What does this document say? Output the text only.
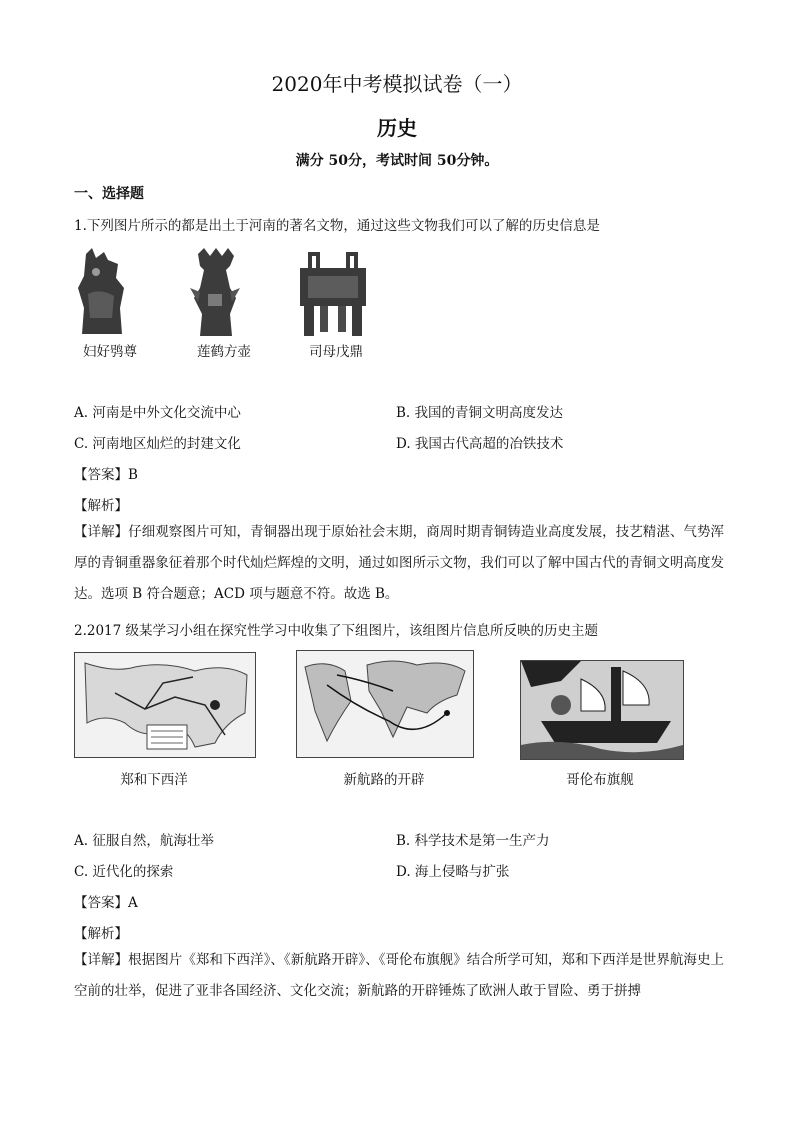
2020年中考模拟试卷（一）
历史
满分 50分，考试时间 50分钟。
一、选择题
1.下列图片所示的都是出土于河南的著名文物，通过这些文物我们可以了解的历史信息是
妇好鸮尊	莲鹤方壶	司母戊鼎
A. 河南是中外文化交流中心	B. 我国的青铜文明高度发达
C. 河南地区灿烂的封建文化	D. 我国古代高超的冶铁技术
【答案】B
【解析】
【详解】仔细观察图片可知，青铜器出现于原始社会末期，商周时期青铜铸造业高度发展，技艺精湛、气势浑厚的青铜重器象征着那个时代灿烂辉煌的文明，通过如图所示文物，我们可以了解中国古代的青铜文明高度发达。选项 B 符合题意；ACD 项与题意不符。故选 B。
2.2017 级某学习小组在探究性学习中收集了下组图片，该组图片信息所反映的历史主题
郑和下西洋	新航路的开辟	哥伦布旗舰
A. 征服自然，航海壮举	B. 科学技术是第一生产力
C. 近代化的探索	D. 海上侵略与扩张
【答案】A
【解析】
【详解】根据图片《郑和下西洋》、《新航路开辟》、《哥伦布旗舰》结合所学可知，郑和下西洋是世界航海史上空前的壮举，促进了亚非各国经济、文化交流；新航路的开辟锤炼了欧洲人敢于冒险、勇于拼搏
